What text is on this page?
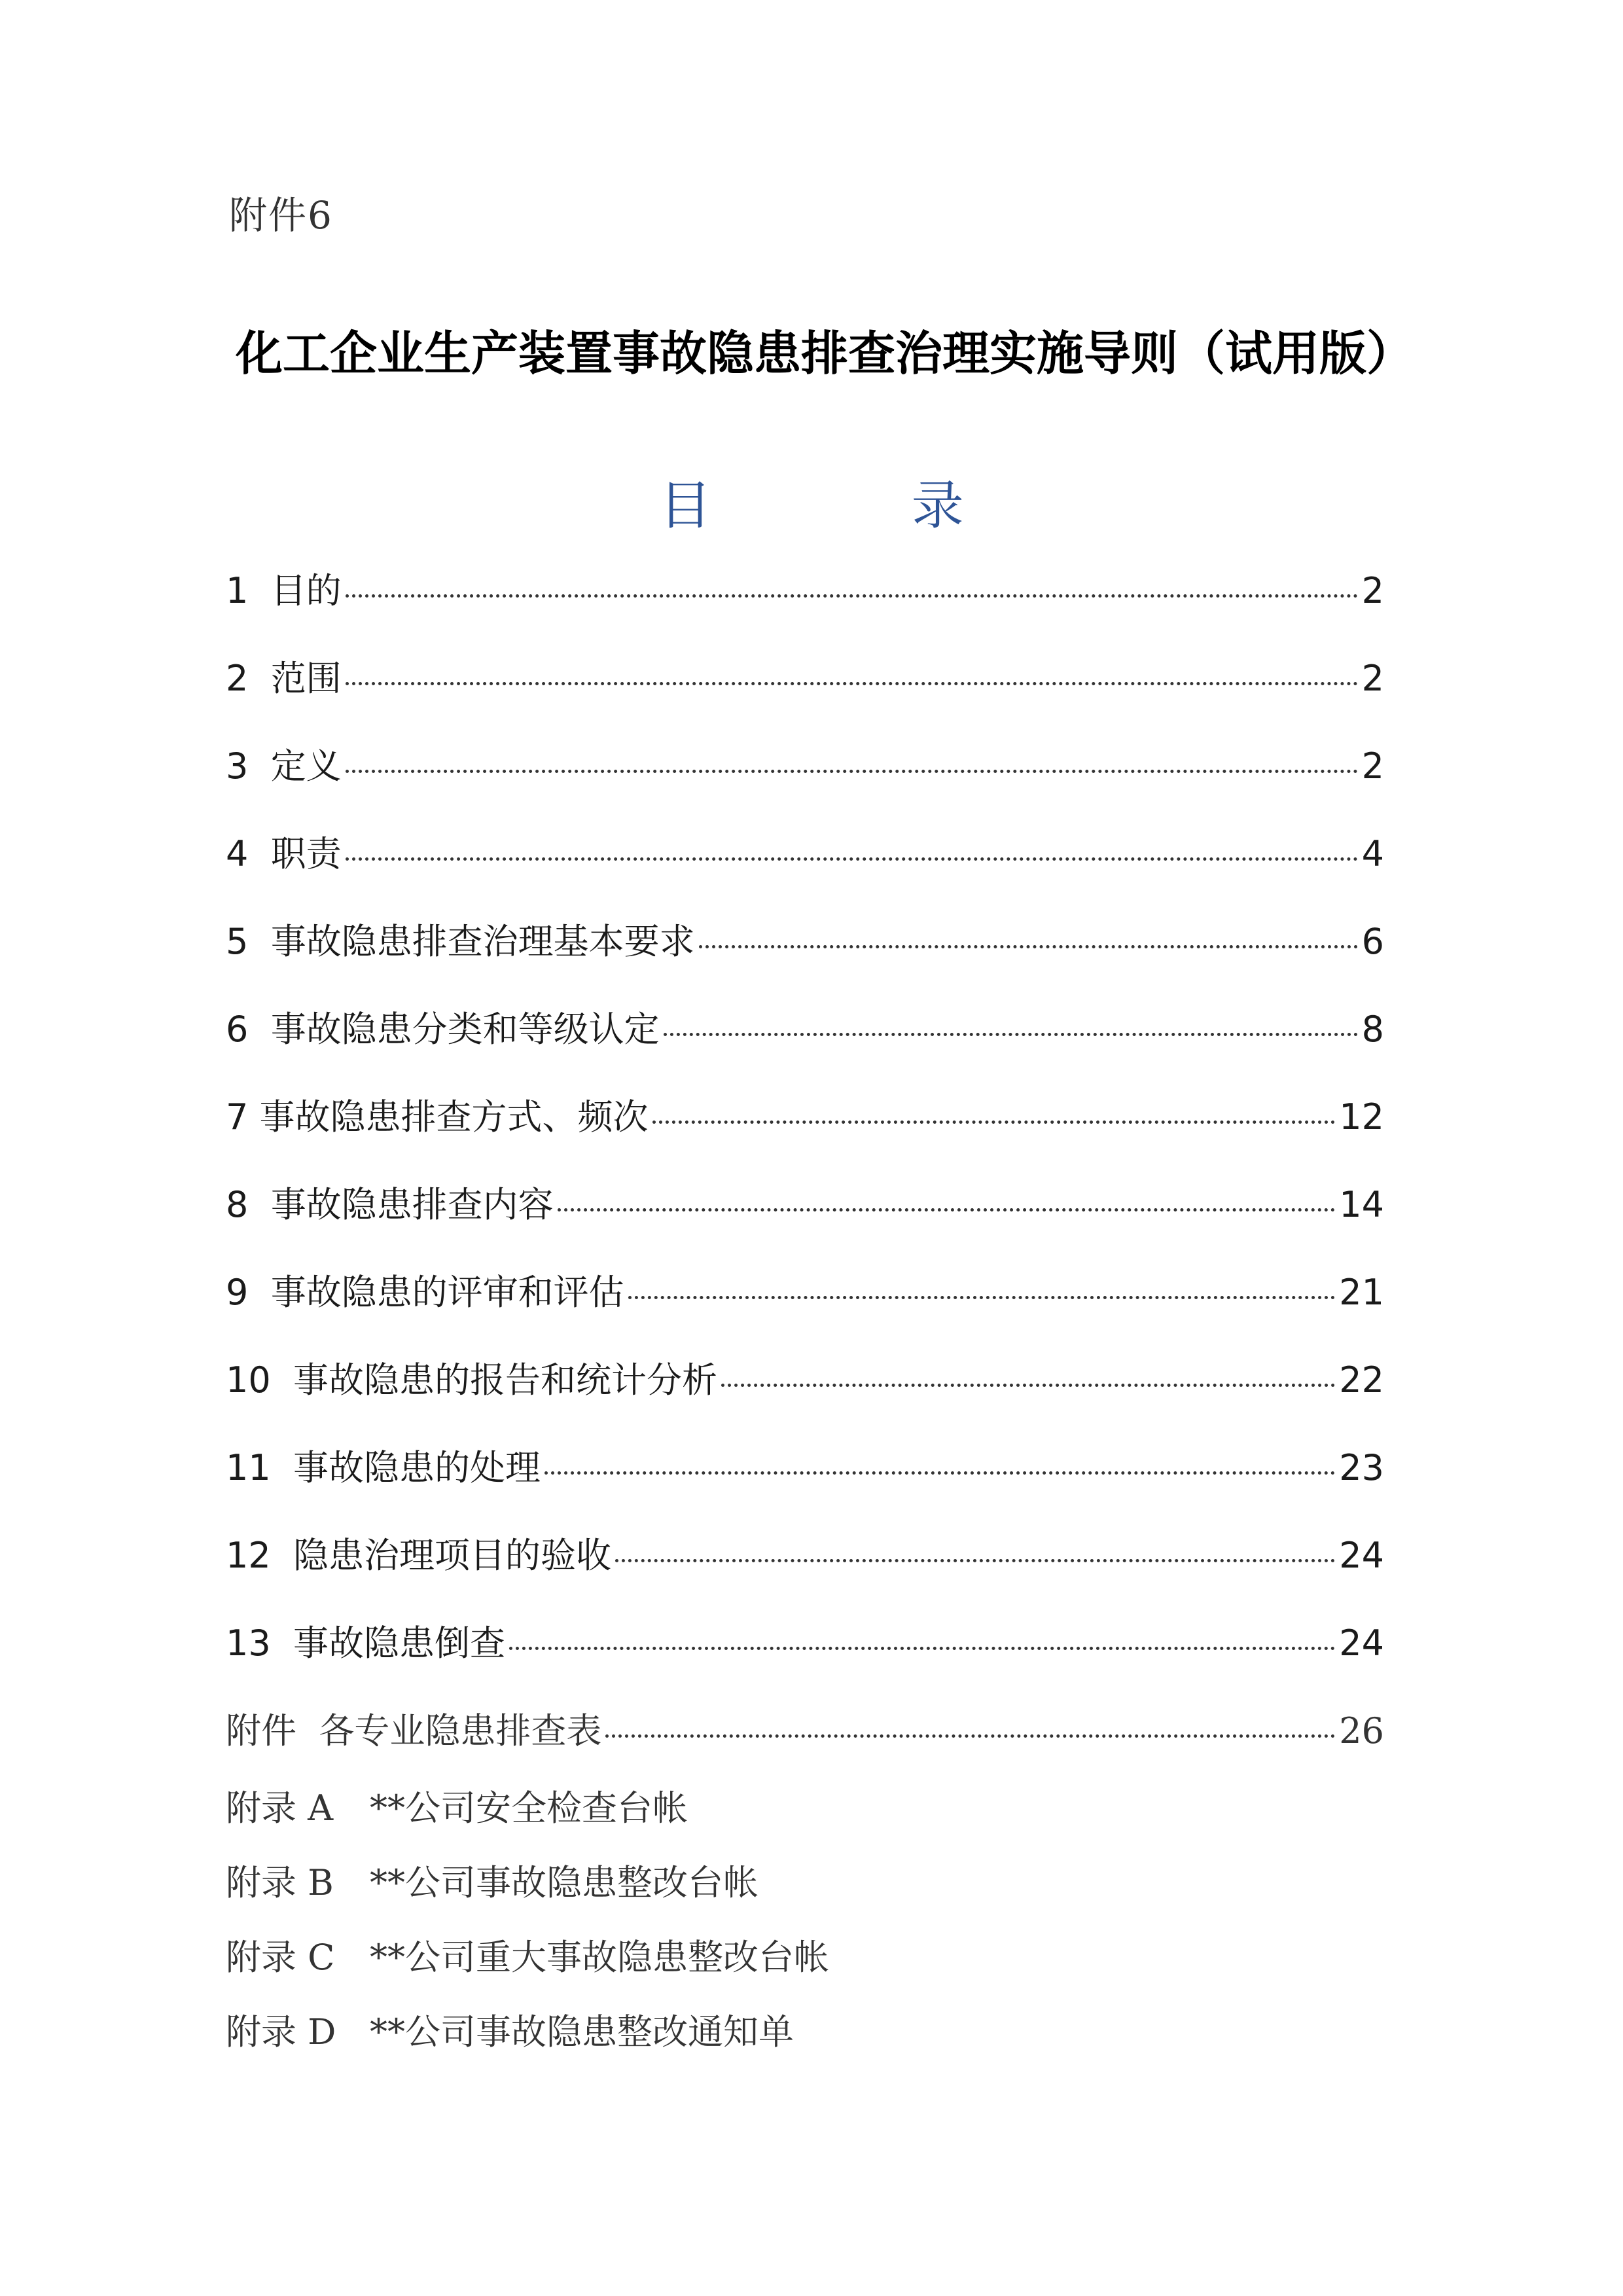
附件6
化工企业生产装置事故隐患排查治理实施导则（试用版）
目 录
1 目的	2
2 范围	2
3 定义	2
4 职责	4
5 事故隐患排查治理基本要求	6
6 事故隐患分类和等级认定	8
7 事故隐患排查方式、频次	12
8 事故隐患排查内容	14
9 事故隐患的评审和评估	21
10 事故隐患的报告和统计分析	22
11 事故隐患的处理	23
12 隐患治理项目的验收	24
13 事故隐患倒查	24
附件 各专业隐患排查表	26
附录 A	**公司安全检查台帐
附录 B	**公司事故隐患整改台帐
附录 C **公司重大事故隐患整改台帐
附录 D **公司事故隐患整改通知单
